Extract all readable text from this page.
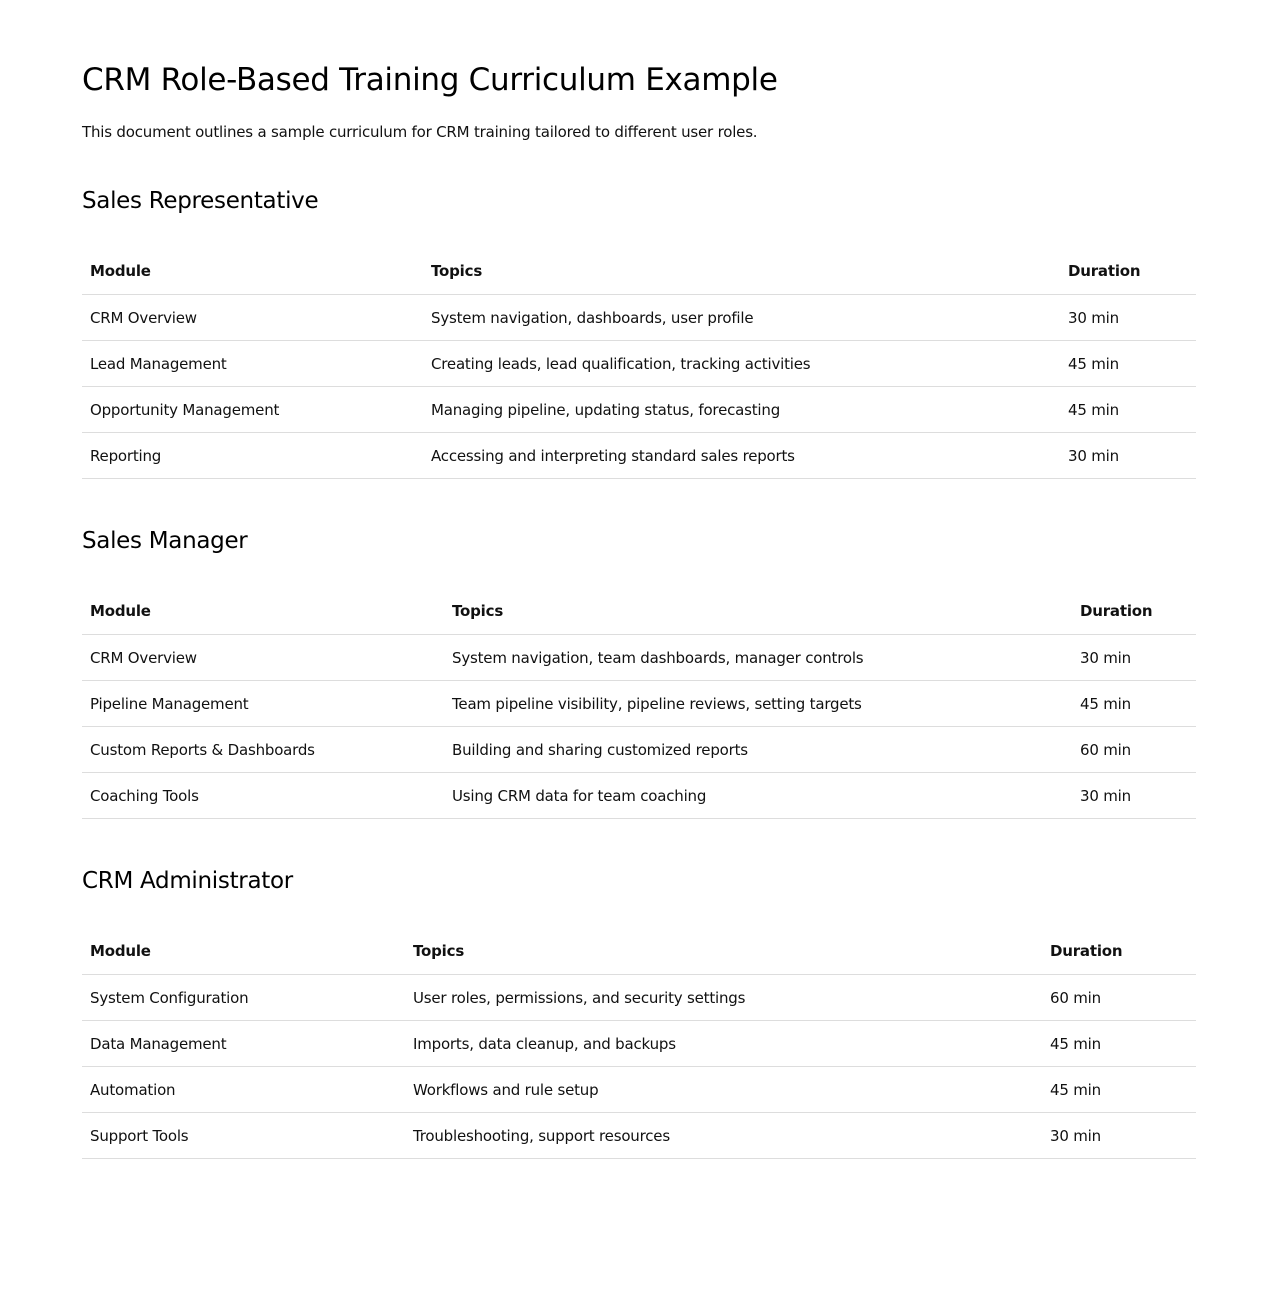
CRM Role-Based Training Curriculum Example

This document outlines a sample curriculum for CRM training tailored to different user roles.

Sales Representative
Module	Topics	Duration
CRM Overview	System navigation, dashboards, user profile	30 min
Lead Management	Creating leads, lead qualification, tracking activities	45 min
Opportunity Management	Managing pipeline, updating status, forecasting	45 min
Reporting	Accessing and interpreting standard sales reports	30 min
Sales Manager
Module	Topics	Duration
CRM Overview	System navigation, team dashboards, manager controls	30 min
Pipeline Management	Team pipeline visibility, pipeline reviews, setting targets	45 min
Custom Reports & Dashboards	Building and sharing customized reports	60 min
Coaching Tools	Using CRM data for team coaching	30 min
CRM Administrator
Module	Topics	Duration
System Configuration	User roles, permissions, and security settings	60 min
Data Management	Imports, data cleanup, and backups	45 min
Automation	Workflows and rule setup	45 min
Support Tools	Troubleshooting, support resources	30 min
